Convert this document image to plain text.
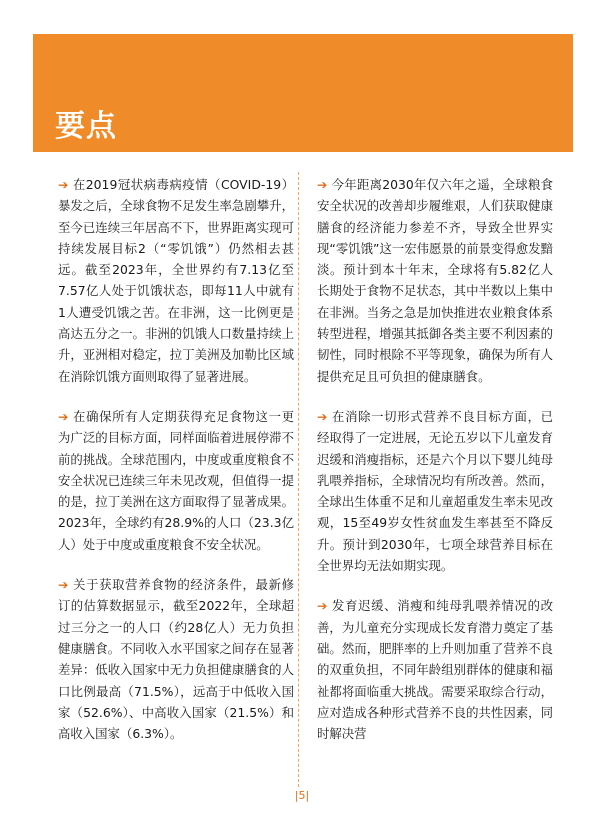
要点

➔ 在2019冠状病毒病疫情（COVID-19）暴发之后，全球食物不足发生率急剧攀升，至今已连续三年居高不下，世界距离实现可持续发展目标2（“零饥饿”）仍然相去甚远。截至2023年，全世界约有7.13亿至7.57亿人处于饥饿状态，即每11人中就有1人遭受饥饿之苦。在非洲，这一比例更是高达五分之一。非洲的饥饿人口数量持续上升，亚洲相对稳定，拉丁美洲及加勒比区域在消除饥饿方面则取得了显著进展。

➔ 在确保所有人定期获得充足食物这一更为广泛的目标方面，同样面临着进展停滞不前的挑战。全球范围内，中度或重度粮食不安全状况已连续三年未见改观，但值得一提的是，拉丁美洲在这方面取得了显著成果。2023年，全球约有28.9%的人口（23.3亿人）处于中度或重度粮食不安全状况。

➔ 关于获取营养食物的经济条件，最新修订的估算数据显示，截至2022年，全球超过三分之一的人口（约28亿人）无力负担健康膳食。不同收入水平国家之间存在显著差异：低收入国家中无力负担健康膳食的人口比例最高（71.5%），远高于中低收入国家（52.6%）、中高收入国家（21.5%）和高收入国家（6.3%）。

➔ 今年距离2030年仅六年之遥，全球粮食安全状况的改善却步履维艰，人们获取健康膳食的经济能力参差不齐，导致全世界实现“零饥饿”这一宏伟愿景的前景变得愈发黯淡。预计到本十年末，全球将有5.82亿人长期处于食物不足状态，其中半数以上集中在非洲。当务之急是加快推进农业粮食体系转型进程，增强其抵御各类主要不利因素的韧性，同时根除不平等现象，确保为所有人提供充足且可负担的健康膳食。

➔ 在消除一切形式营养不良目标方面，已经取得了一定进展，无论五岁以下儿童发育迟缓和消瘦指标，还是六个月以下婴儿纯母乳喂养指标，全球情况均有所改善。然而，全球出生体重不足和儿童超重发生率未见改观，15至49岁女性贫血发生率甚至不降反升。预计到2030年，七项全球营养目标在全世界均无法如期实现。

➔ 发育迟缓、消瘦和纯母乳喂养情况的改善，为儿童充分实现成长发育潜力奠定了基础。然而，肥胖率的上升则加重了营养不良的双重负担，不同年龄组别群体的健康和福祉都将面临重大挑战。需要采取综合行动，应对造成各种形式营养不良的共性因素，同时解决营

|5|
